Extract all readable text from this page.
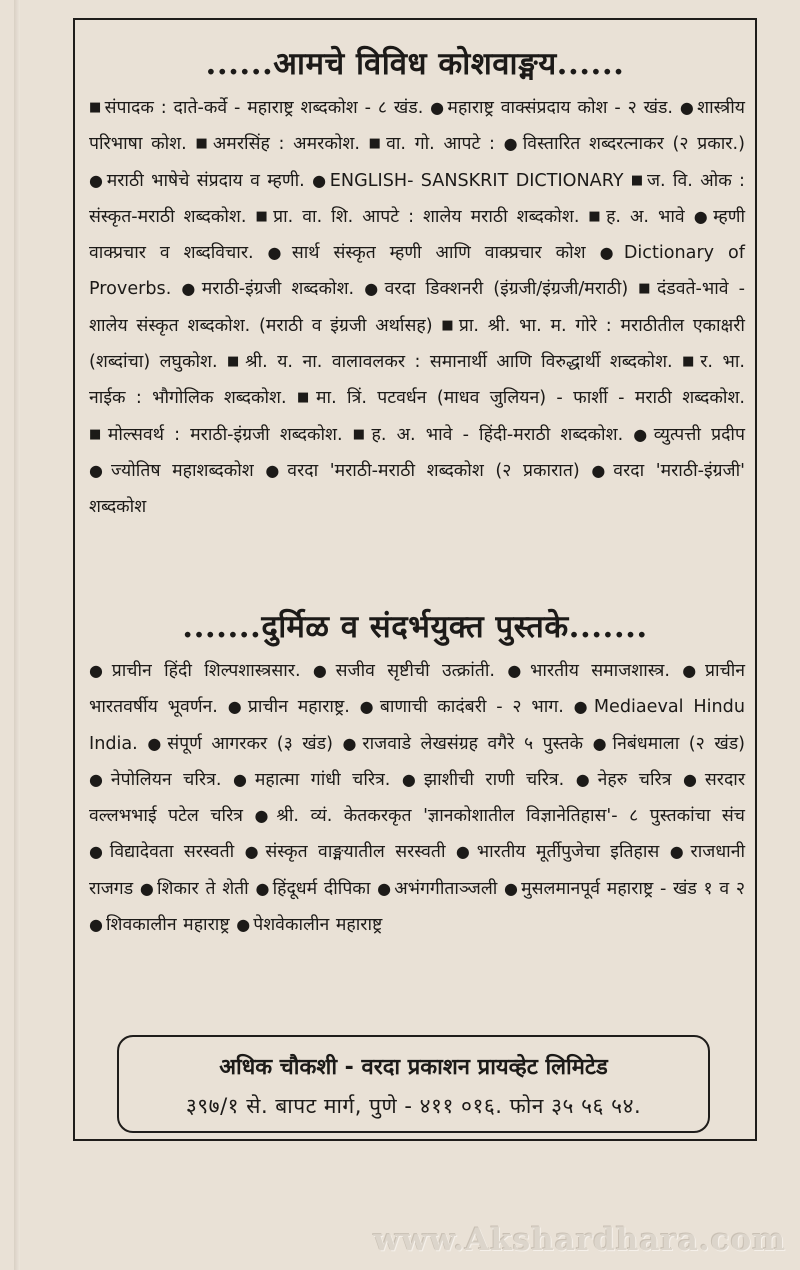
......आमचे विविध कोशवाङ्मय......
■ संपादक : दाते-कर्वे - महाराष्ट्र शब्दकोश - ८ खंड. ● महाराष्ट्र वाक्संप्रदाय कोश - २ खंड. ● शास्त्रीय परिभाषा कोश. ■ अमरसिंह : अमरकोश. ■ वा. गो. आपटे : ● विस्तारित शब्दरत्नाकर (२ प्रकार.) ● मराठी भाषेचे संप्रदाय व म्हणी. ● ENGLISH- SANSKRIT DICTIONARY ■ ज. वि. ओक : संस्कृत-मराठी शब्दकोश. ■ प्रा. वा. शि. आपटे : शालेय मराठी शब्दकोश. ■ ह. अ. भावे ● म्हणी वाक्प्रचार व शब्दविचार. ● सार्थ संस्कृत म्हणी आणि वाक्प्रचार कोश ● Dictionary of Proverbs. ● मराठी-इंग्रजी शब्दकोश. ● वरदा डिक्शनरी (इंग्रजी/इंग्रजी/मराठी) ■ दंडवते-भावे - शालेय संस्कृत शब्दकोश. (मराठी व इंग्रजी अर्थासह) ■ प्रा. श्री. भा. म. गोरे : मराठीतील एकाक्षरी (शब्दांचा) लघुकोश. ■ श्री. य. ना. वालावलकर : समानार्थी आणि विरुद्धार्थी शब्दकोश. ■ र. भा. नाईक : भौगोलिक शब्दकोश. ■ मा. त्रिं. पटवर्धन (माधव जुलियन) - फार्शी - मराठी शब्दकोश. ■ मोल्सवर्थ : मराठी-इंग्रजी शब्दकोश. ■ ह. अ. भावे - हिंदी-मराठी शब्दकोश. ● व्युत्पत्ती प्रदीप ● ज्योतिष महाशब्दकोश ● वरदा 'मराठी-मराठी शब्दकोश (२ प्रकारात) ● वरदा 'मराठी-इंग्रजी' शब्दकोश
.......दुर्मिळ व संदर्भयुक्त पुस्तके.......
● प्राचीन हिंदी शिल्पशास्त्रसार. ● सजीव सृष्टीची उत्क्रांती. ● भारतीय समाजशास्त्र. ● प्राचीन भारतवर्षीय भूवर्णन. ● प्राचीन महाराष्ट्र. ● बाणाची कादंबरी - २ भाग. ● Mediaeval Hindu India. ● संपूर्ण आगरकर (३ खंड) ● राजवाडे लेखसंग्रह वगैरे ५ पुस्तके ● निबंधमाला (२ खंड) ● नेपोलियन चरित्र. ● महात्मा गांधी चरित्र. ● झाशीची राणी चरित्र. ● नेहरु चरित्र ● सरदार वल्लभभाई पटेल चरित्र ● श्री. व्यं. केतकरकृत 'ज्ञानकोशातील विज्ञानेतिहास'- ८ पुस्तकांचा संच ● विद्यादेवता सरस्वती ● संस्कृत वाङ्मयातील सरस्वती ● भारतीय मूर्तीपुजेचा इतिहास ● राजधानी राजगड ● शिकार ते शेती ● हिंदूधर्म दीपिका ● अभंगगीताञ्जली ● मुसलमानपूर्व महाराष्ट्र - खंड १ व २ ● शिवकालीन महाराष्ट्र ● पेशवेकालीन महाराष्ट्र
अधिक चौकशी - वरदा प्रकाशन प्रायव्हेट लिमिटेड
३९७/१ से. बापट मार्ग, पुणे - ४११ ०१६. फोन ३५ ५६ ५४.
www.Akshardhara.com
